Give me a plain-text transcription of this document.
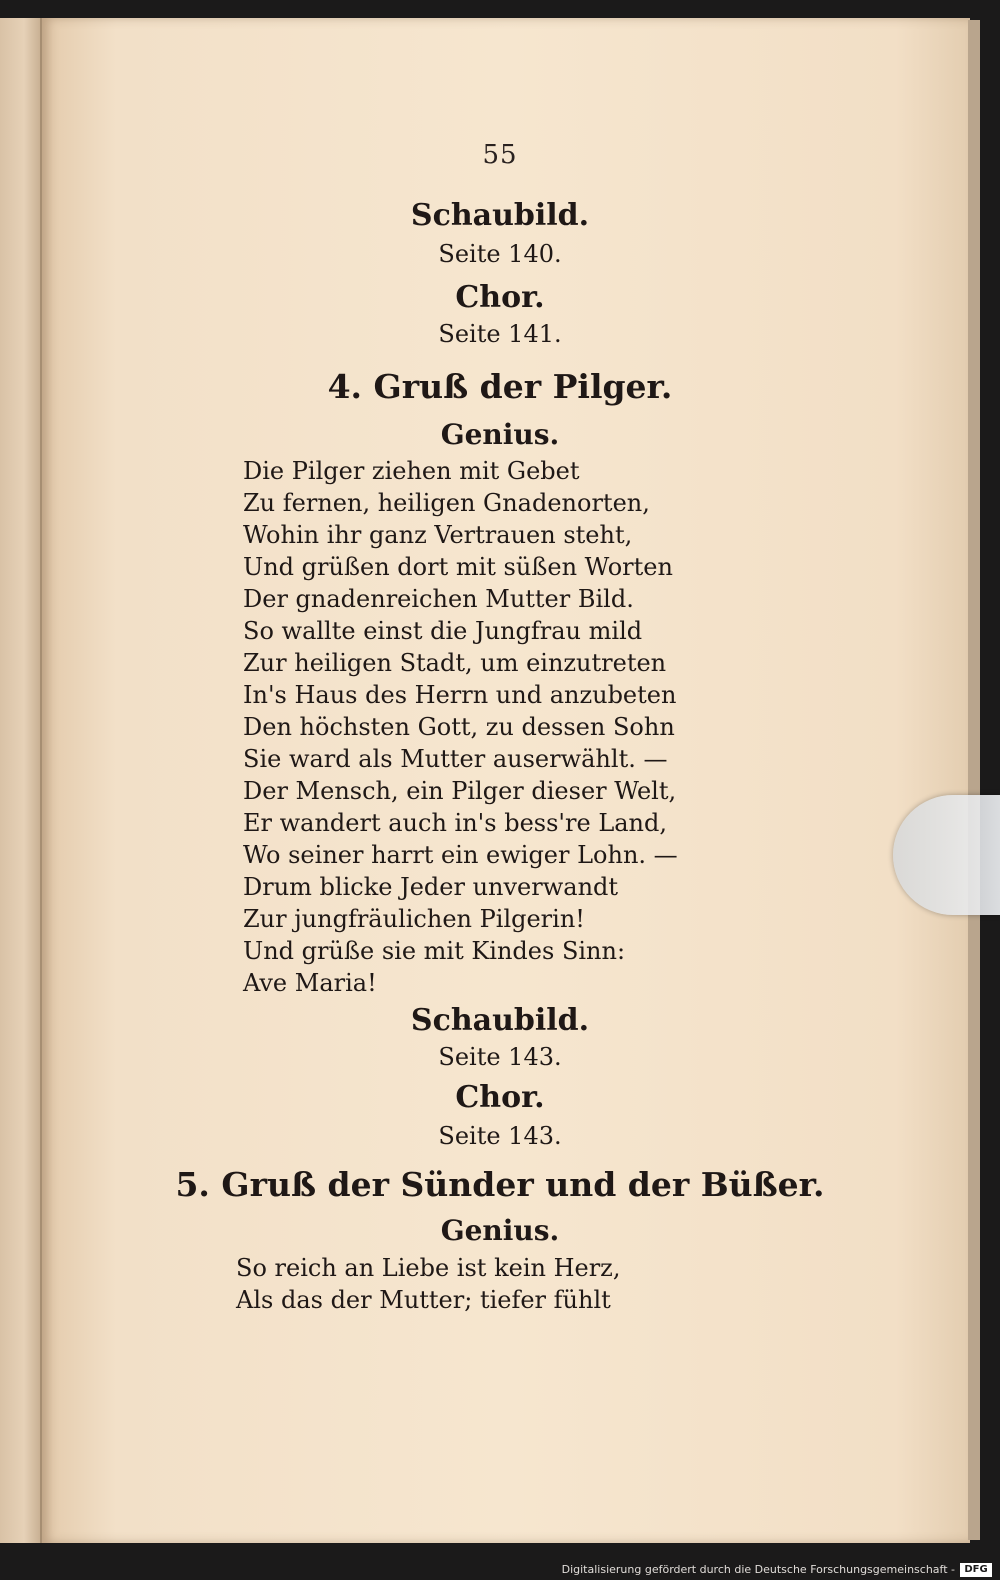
55
Schaubild.
Seite 140.
Chor.
Seite 141.
4. Gruß der Pilger.
Genius.
Die Pilger ziehen mit Gebet
Zu fernen, heiligen Gnadenorten,
Wohin ihr ganz Vertrauen steht,
Und grüßen dort mit süßen Worten
Der gnadenreichen Mutter Bild.
So wallte einst die Jungfrau mild
Zur heiligen Stadt, um einzutreten
In's Haus des Herrn und anzubeten
Den höchsten Gott, zu dessen Sohn
Sie ward als Mutter auserwählt. —
Der Mensch, ein Pilger dieser Welt,
Er wandert auch in's bess're Land,
Wo seiner harrt ein ewiger Lohn. —
Drum blicke Jeder unverwandt
Zur jungfräulichen Pilgerin!
Und grüße sie mit Kindes Sinn:
Ave Maria!
Schaubild.
Seite 143.
Chor.
Seite 143.
5. Gruß der Sünder und der Büßer.
Genius.
So reich an Liebe ist kein Herz,
Als das der Mutter; tiefer fühlt
Digitalisierung gefördert durch die Deutsche Forschungsgemeinschaft - DFG
